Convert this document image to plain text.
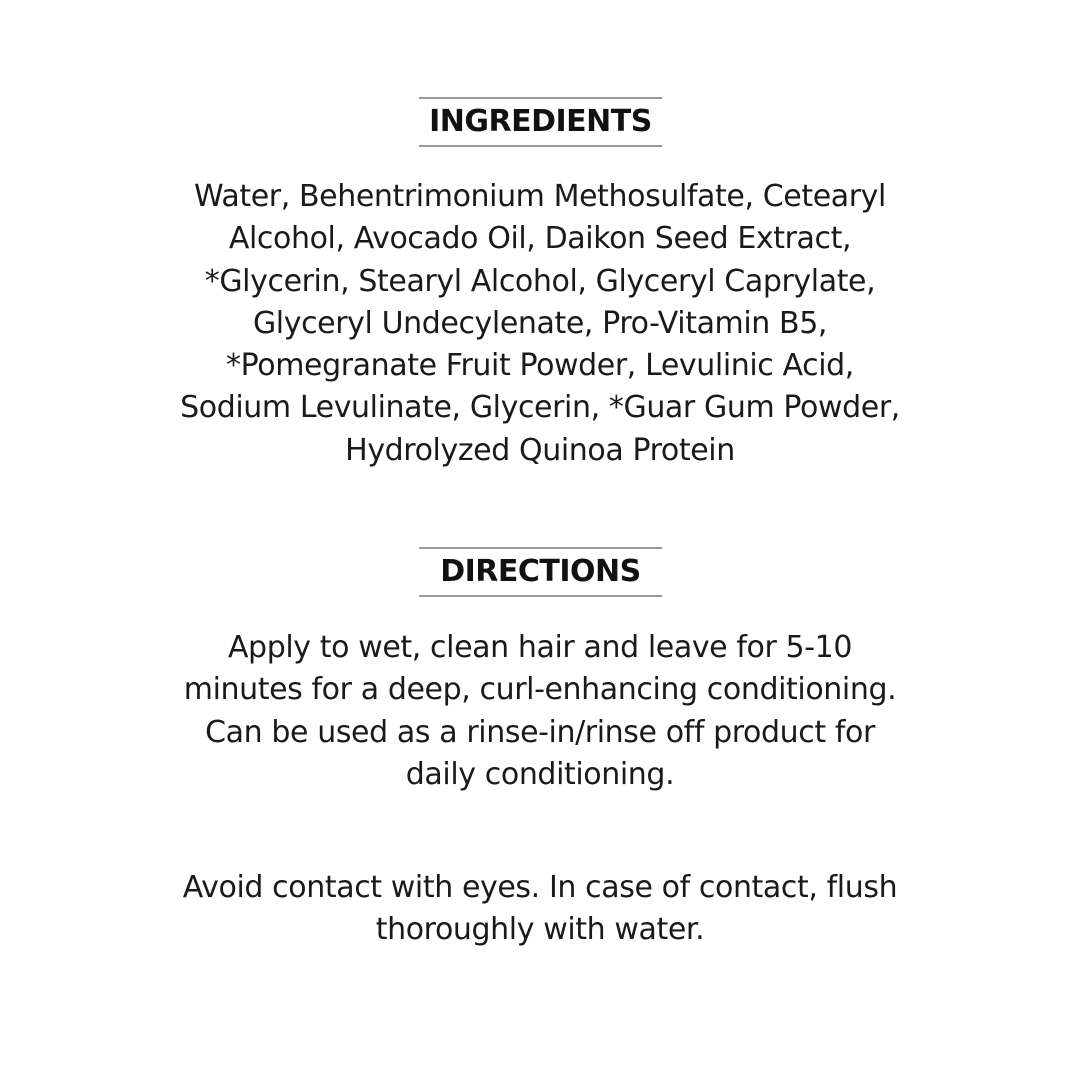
INGREDIENTS
Water, Behentrimonium Methosulfate, Cetearyl
Alcohol, Avocado Oil, Daikon Seed Extract,
*Glycerin, Stearyl Alcohol, Glyceryl Caprylate,
Glyceryl Undecylenate, Pro-Vitamin B5,
*Pomegranate Fruit Powder, Levulinic Acid,
Sodium Levulinate, Glycerin, *Guar Gum Powder,
Hydrolyzed Quinoa Protein
DIRECTIONS
Apply to wet, clean hair and leave for 5-10
minutes for a deep, curl-enhancing conditioning.
Can be used as a rinse-in/rinse off product for
daily conditioning.
Avoid contact with eyes. In case of contact, flush
thoroughly with water.
